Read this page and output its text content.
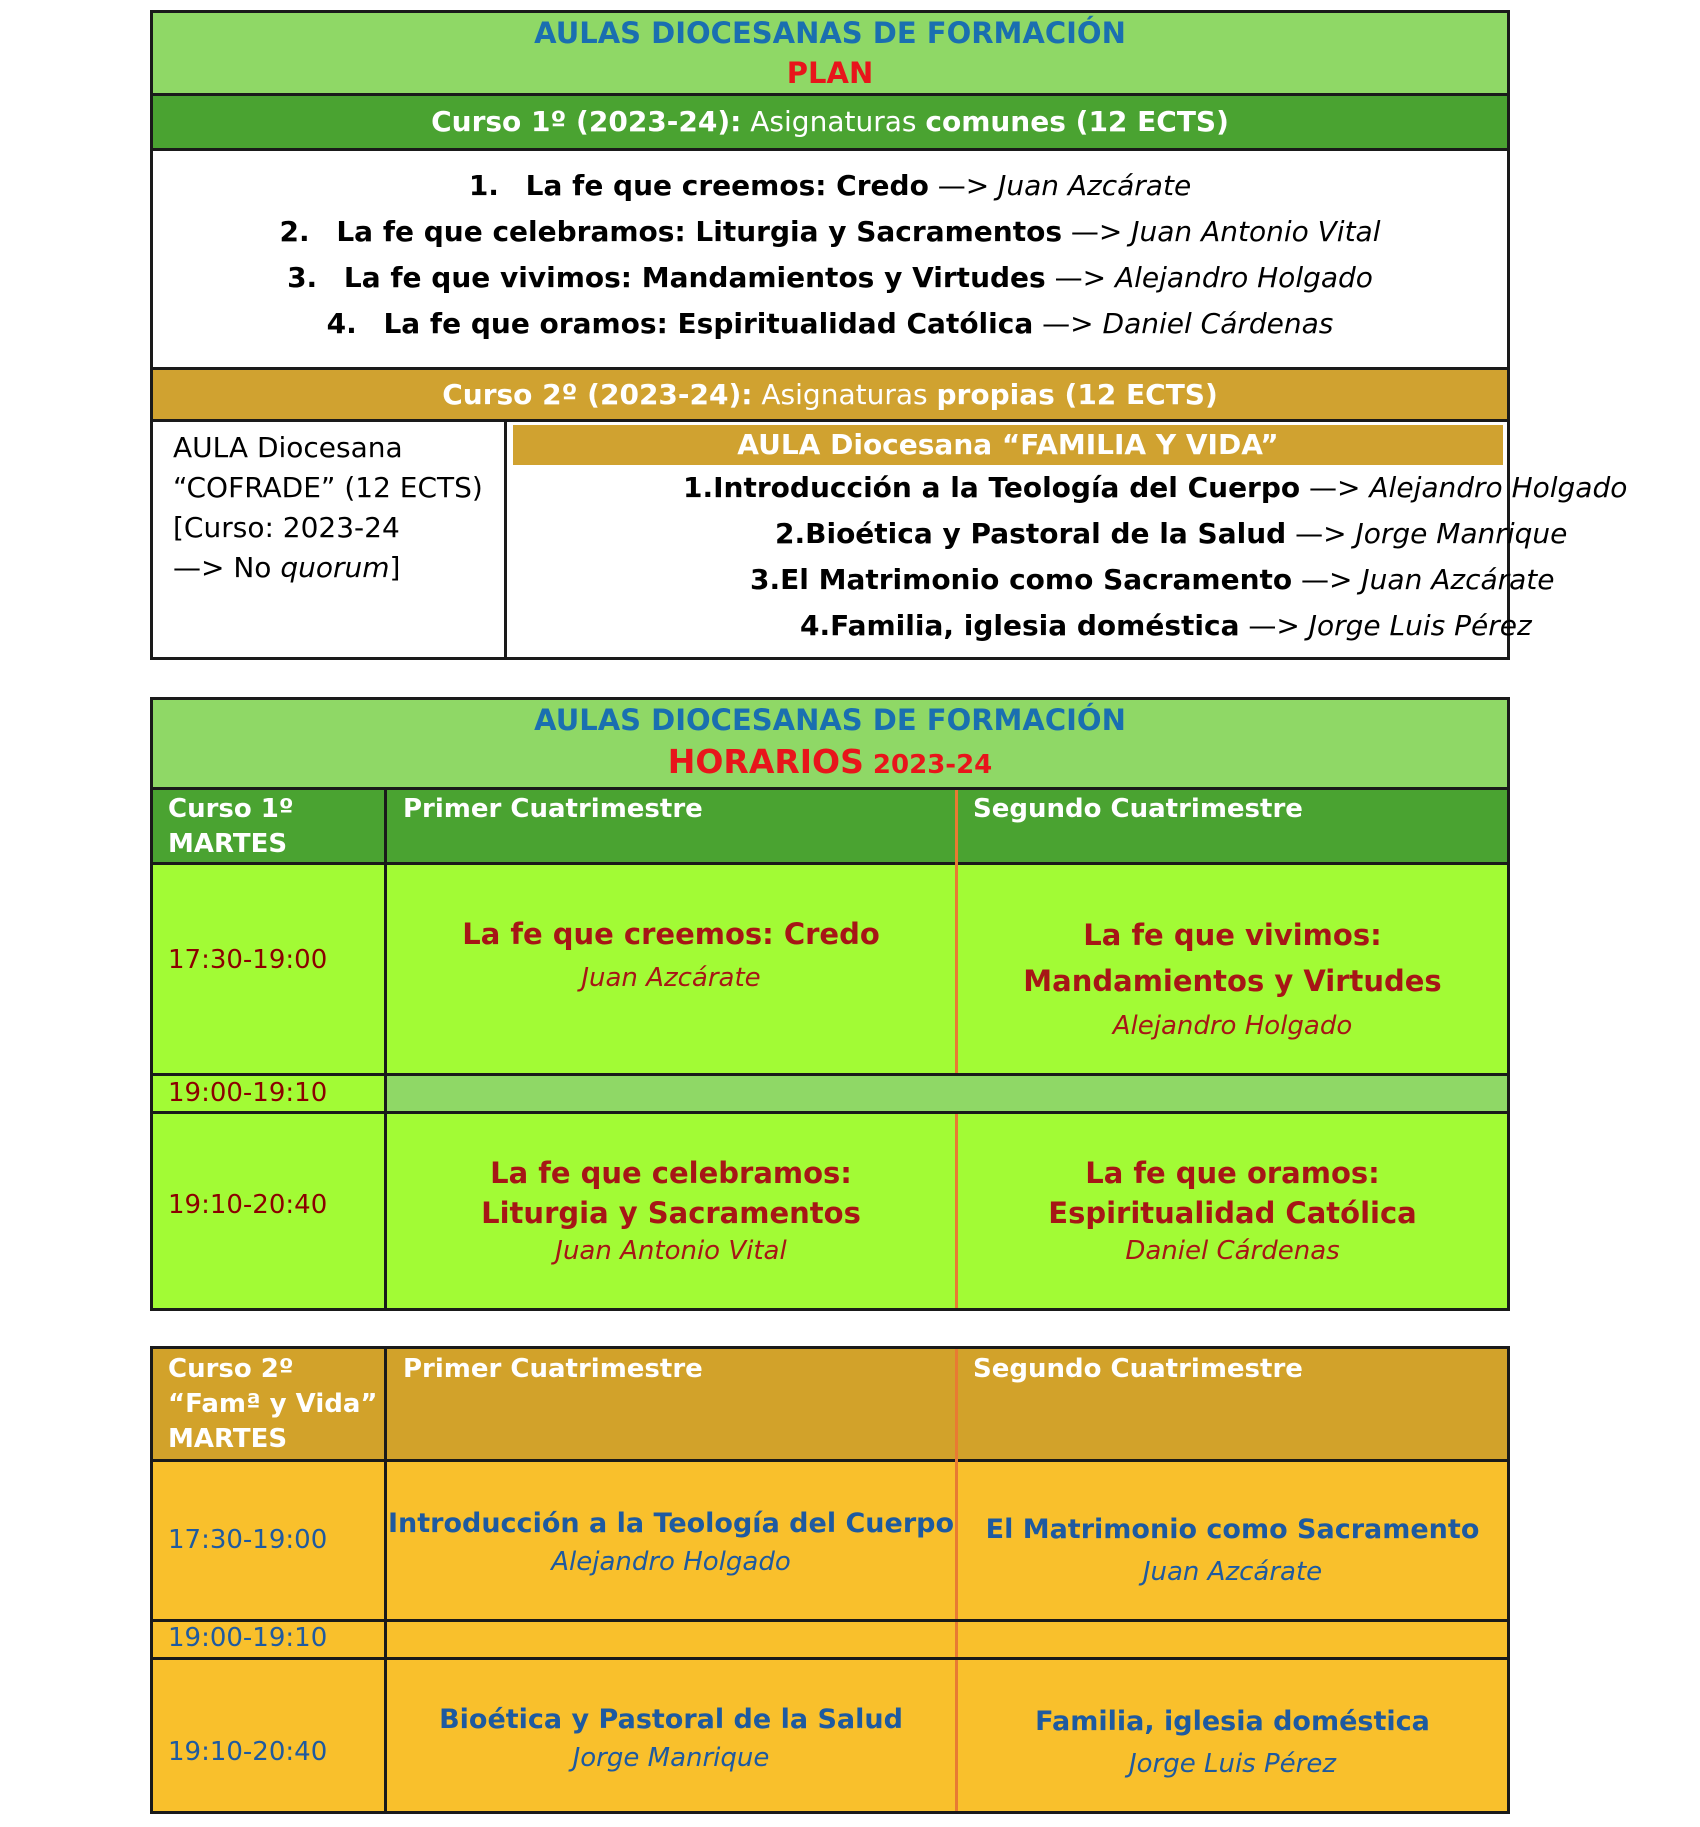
AULAS DIOCESANAS DE FORMACIÓN
PLAN
Curso 1º (2023-24): Asignaturas comunes (12 ECTS)
1. La fe que creemos: Credo —> Juan Azcárate
2. La fe que celebramos: Liturgia y Sacramentos —> Juan Antonio Vital
3. La fe que vivimos: Mandamientos y Virtudes —> Alejandro Holgado
4. La fe que oramos: Espiritualidad Católica —> Daniel Cárdenas
Curso 2º (2023-24): Asignaturas propias (12 ECTS)
AULA Diocesana
“COFRADE” (12 ECTS)
[Curso: 2023-24
—> No quorum]
AULA Diocesana “FAMILIA Y VIDA”
1.Introducción a la Teología del Cuerpo —> Alejandro Holgado
2.Bioética y Pastoral de la Salud —> Jorge Manrique
3.El Matrimonio como Sacramento —> Juan Azcárate
4.Familia, iglesia doméstica —> Jorge Luis Pérez
AULAS DIOCESANAS DE FORMACIÓN
HORARIOS 2023-24
Curso 1º
MARTES
Primer Cuatrimestre	Segundo Cuatrimestre
17:30-19:00
La fe que creemos: Credo
Juan Azcárate
La fe que vivimos:
Mandamientos y Virtudes
Alejandro Holgado
19:00-19:10
19:10-20:40
La fe que celebramos:
Liturgia y Sacramentos
Juan Antonio Vital
La fe que oramos:
Espiritualidad Católica
Daniel Cárdenas
Curso 2º
“Famª y Vida”
MARTES
Primer Cuatrimestre	Segundo Cuatrimestre
17:30-19:00
Introducción a la Teología del Cuerpo
Alejandro Holgado
El Matrimonio como Sacramento
Juan Azcárate
19:00-19:10
19:10-20:40
Bioética y Pastoral de la Salud
Jorge Manrique
Familia, iglesia doméstica
Jorge Luis Pérez
